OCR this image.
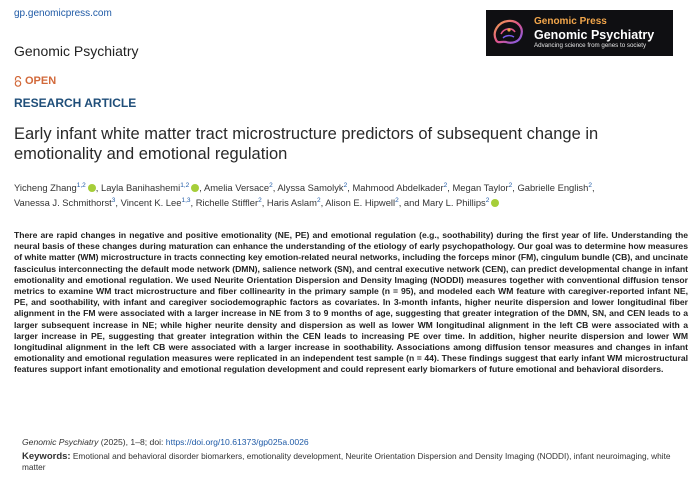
gp.genomicpress.com
Genomic Psychiatry
OPEN
RESEARCH ARTICLE
Genomic Press
Genomic Psychiatry
Advancing science from genes to society
Early infant white matter tract microstructure predictors of subsequent change in emotionality and emotional regulation
Yicheng Zhang$^{1,2}$ , Layla Banihashemi$^{1,2}$ , Amelia Versace$^2$, Alyssa Samolyk$^2$, Mahmood Abdelkader$^2$, Megan Taylor$^2$, Gabrielle English$^2$, Vanessa J. Schmithorst$^3$, Vincent K. Lee$^{1,3}$, Richelle Stiffler$^2$, Haris Aslam$^2$, Alison E. Hipwell$^2$, and Mary L. Phillips$^2$

There are rapid changes in negative and positive emotionality (NE, PE) and emotional regulation (e.g., soothability) during the first year of life. Understanding the neural basis of these changes during maturation can enhance the understanding of the etiology of early psychopathology. Our goal was to determine how measures of white matter (WM) microstructure in tracts connecting key emotion-related neural networks, including the forceps minor (FM), cingulum bundle (CB), and uncinate fasciculus interconnecting the default mode network (DMN), salience network (SN), and central executive network (CEN), can predict developmental change in infant emotionality and emotional regulation. We used Neurite Orientation Dispersion and Density Imaging (NODDI) measures together with conventional diffusion tensor metrics to examine WM tract microstructure and fiber collinearity in the primary sample (n = 95), and modeled each WM feature with caregiver-reported infant NE, PE, and soothability, with infant and caregiver sociodemographic factors as covariates. In 3-month infants, higher neurite dispersion and lower longitudinal fiber alignment in the FM were associated with a larger increase in NE from 3 to 9 months of age, suggesting that greater integration of the DMN, SN, and CEN leads to a larger subsequent increase in NE; while higher neurite density and dispersion as well as lower WM longitudinal alignment in the left CB were associated with a larger increase in PE, suggesting that greater integration within the CEN leads to increasing PE over time. In addition, higher neurite dispersion and lower WM longitudinal alignment in the left CB were associated with a larger increase in soothability. Associations among diffusion tensor measures and changes in infant emotionality and emotional regulation measures were replicated in an independent test sample (n = 44). These findings suggest that early infant WM microstructural features support infant emotionality and emotional regulation development and could represent early biomarkers of future emotional and behavioral disorders.

Genomic Psychiatry (2025), 1–8; doi: https://doi.org/10.61373/gp025a.0026

Keywords: Emotional and behavioral disorder biomarkers, emotionality development, Neurite Orientation Dispersion and Density Imaging (NODDI), infant neuroimaging, white matter
